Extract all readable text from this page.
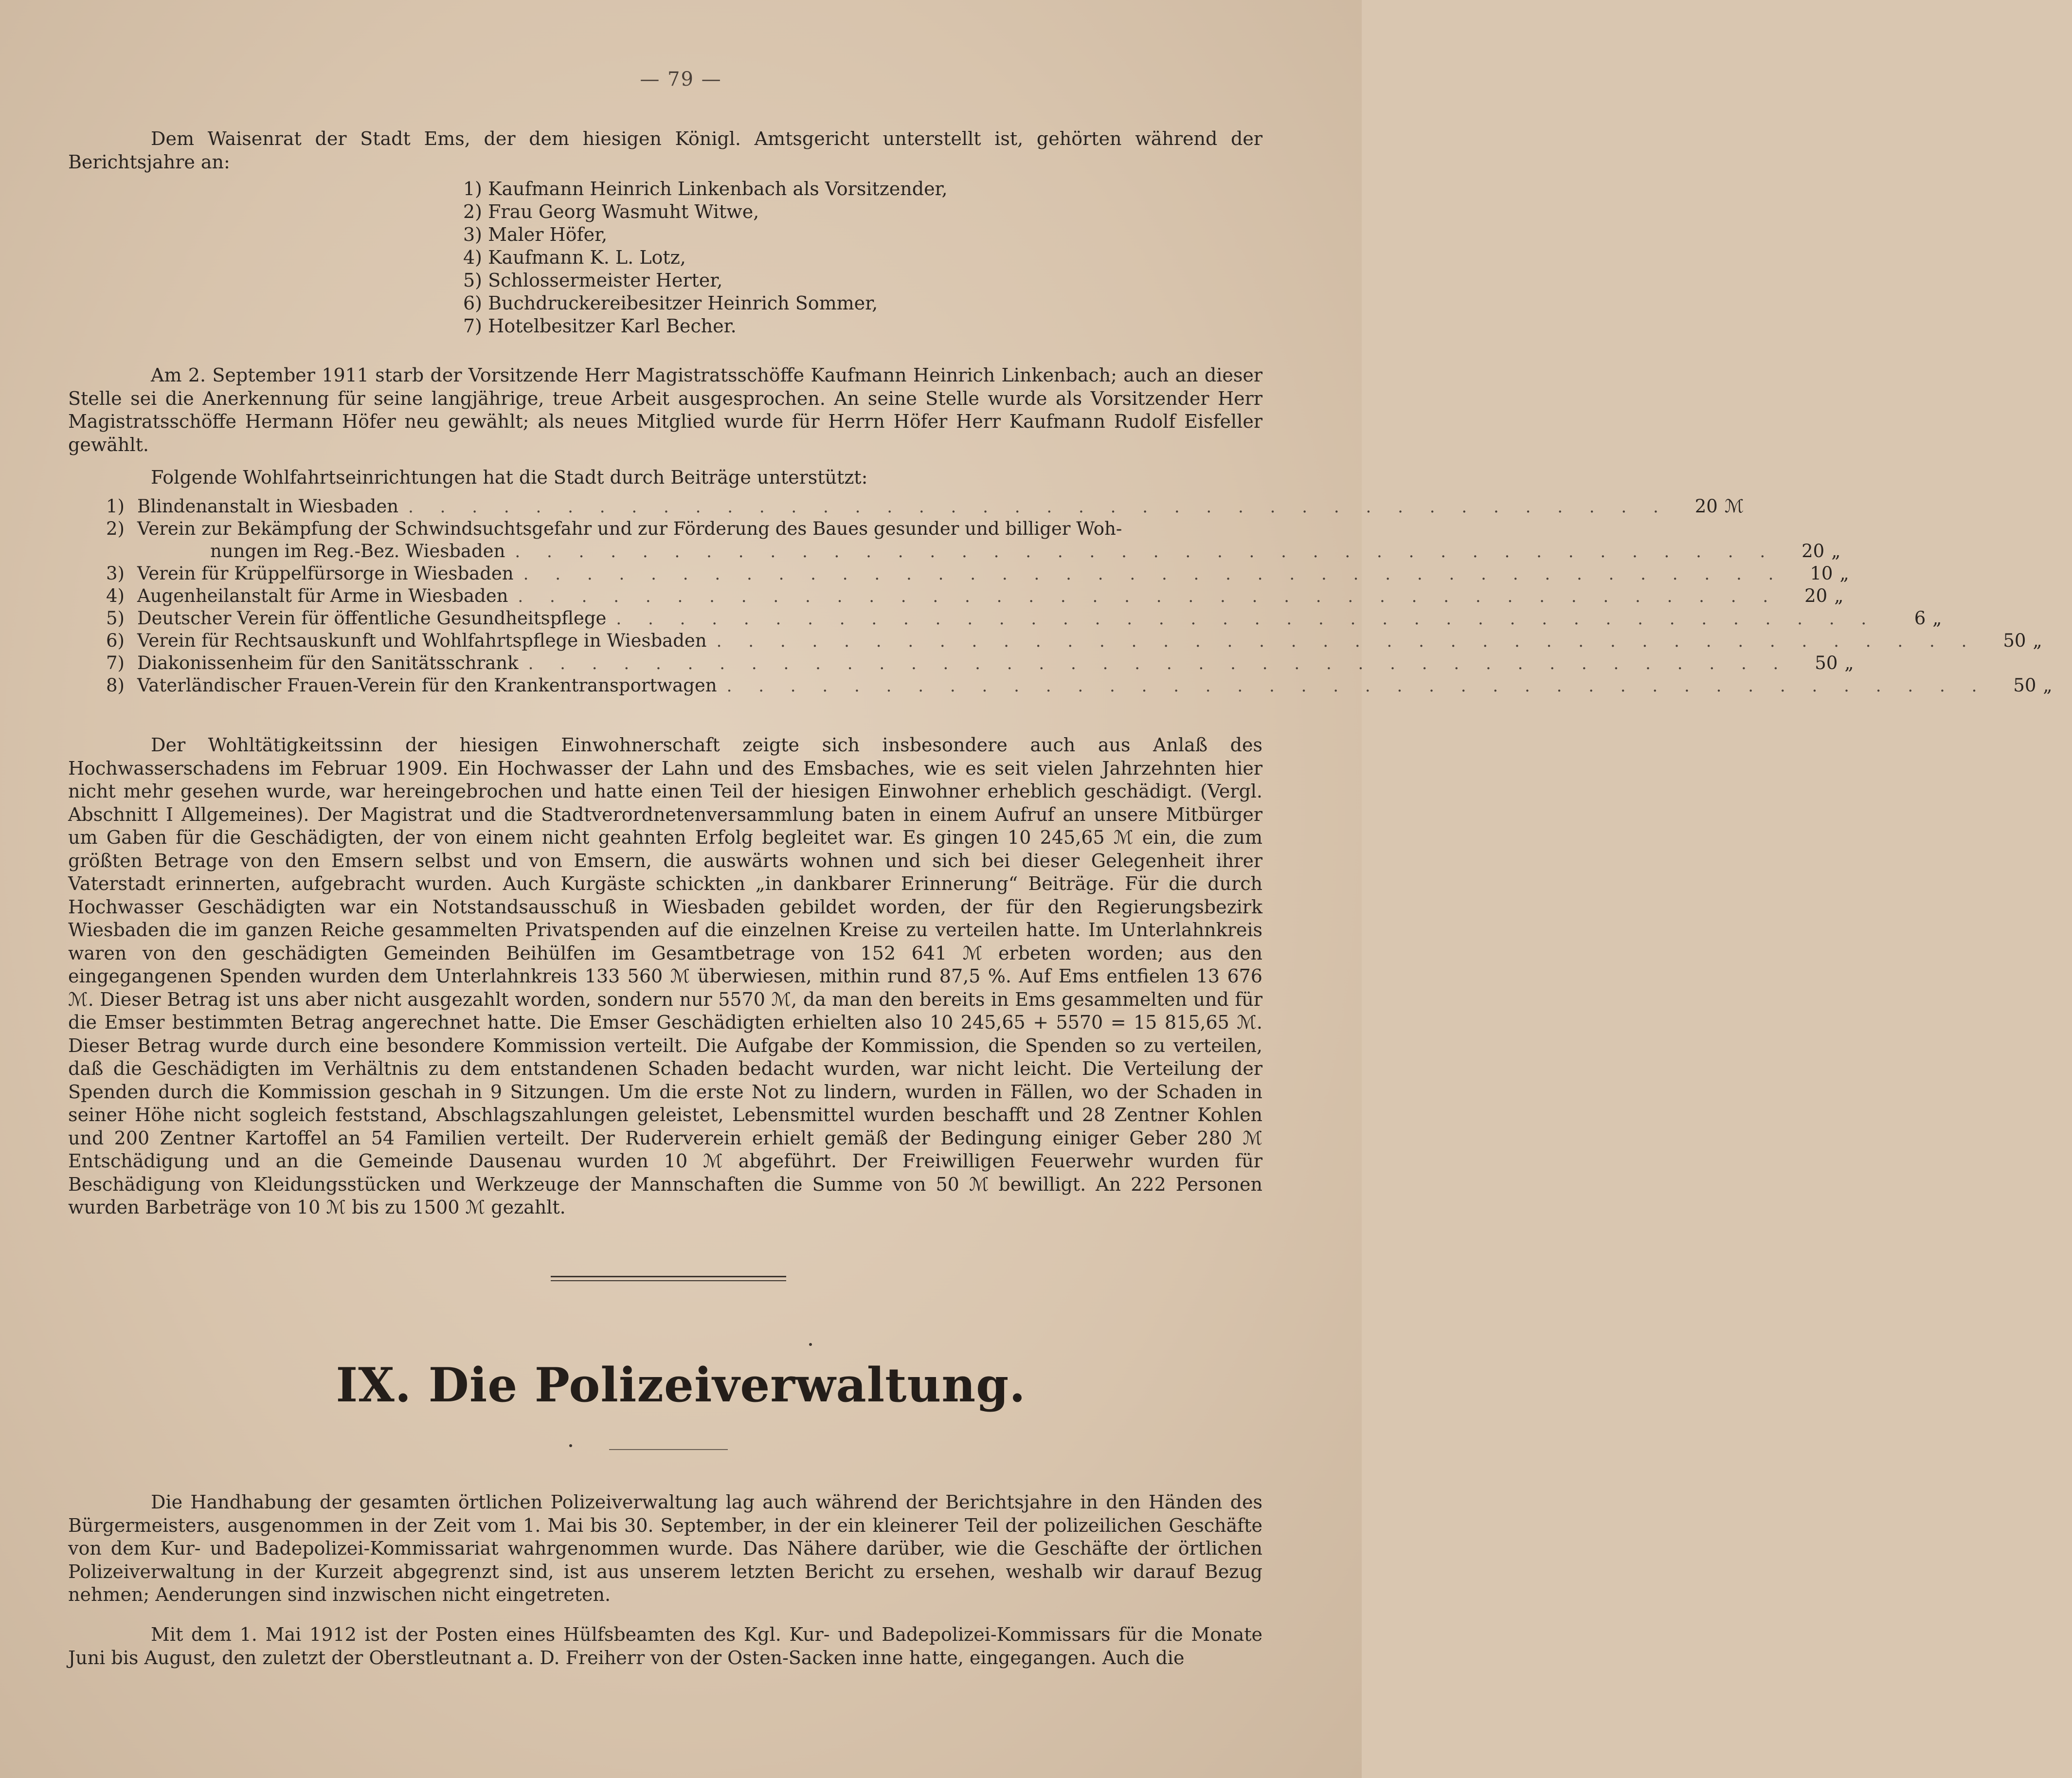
— 79 —

Dem Waisenrat der Stadt Ems, der dem hiesigen Königl. Amtsgericht unterstellt ist, gehörten während der Berichtsjahre an:

1) Kaufmann Heinrich Linkenbach als Vorsitzender,
2) Frau Georg Wasmuht Witwe,
3) Maler Höfer,
4) Kaufmann K. L. Lotz,
5) Schlossermeister Herter,
6) Buchdruckereibesitzer Heinrich Sommer,
7) Hotelbesitzer Karl Becher.

Am 2. September 1911 starb der Vorsitzende Herr Magistratsschöffe Kaufmann Heinrich Linkenbach; auch an dieser Stelle sei die Anerkennung für seine langjährige, treue Arbeit ausgesprochen. An seine Stelle wurde als Vorsitzender Herr Magistratsschöffe Hermann Höfer neu gewählt; als neues Mitglied wurde für Herrn Höfer Herr Kaufmann Rudolf Eisfeller gewählt.

Folgende Wohlfahrtseinrichtungen hat die Stadt durch Beiträge unterstützt:

1) Blindenanstalt in Wiesbaden . . . . . . . . . . . . . . . . . . . . . . . . . . . . . . . . . . . . . . . .	20 ℳ
2) Verein zur Bekämpfung der Schwindsuchtsgefahr und zur Förderung des Baues gesunder und billiger Woh-
nungen im Reg.-Bez. Wiesbaden . . . . . . . . . . . . . . . . . . . . . . . . . . . . . . . . . . . . . . . .	20 „
3) Verein für Krüppelfürsorge in Wiesbaden . . . . . . . . . . . . . . . . . . . . . . . . . . . . . . . . . . . . . . . .	10 „
4) Augenheilanstalt für Arme in Wiesbaden . . . . . . . . . . . . . . . . . . . . . . . . . . . . . . . . . . . . . . . .	20 „
5) Deutscher Verein für öffentliche Gesundheitspflege . . . . . . . . . . . . . . . . . . . . . . . . . . . . . . . . . . . . . . . .	6 „
6) Verein für Rechtsauskunft und Wohlfahrtspflege in Wiesbaden . . . . . . . . . . . . . . . . . . . . . . . . . . . . . . . . . . . . . . . .	50 „
7) Diakonissenheim für den Sanitätsschrank . . . . . . . . . . . . . . . . . . . . . . . . . . . . . . . . . . . . . . . .	50 „
8) Vaterländischer Frauen-Verein für den Krankentransportwagen . . . . . . . . . . . . . . . . . . . . . . . . . . . . . . . . . . . . . . . .	50 „

Der Wohltätigkeitssinn der hiesigen Einwohnerschaft zeigte sich insbesondere auch aus Anlaß des Hochwasserschadens im Februar 1909. Ein Hochwasser der Lahn und des Emsbaches, wie es seit vielen Jahrzehnten hier nicht mehr gesehen wurde, war hereingebrochen und hatte einen Teil der hiesigen Einwohner erheblich geschädigt. (Vergl. Abschnitt I Allgemeines). Der Magistrat und die Stadtverordnetenversammlung baten in einem Aufruf an unsere Mitbürger um Gaben für die Geschädigten, der von einem nicht geahnten Erfolg begleitet war. Es gingen 10 245,65 ℳ ein, die zum größten Betrage von den Emsern selbst und von Emsern, die auswärts wohnen und sich bei dieser Gelegenheit ihrer Vaterstadt erinnerten, aufgebracht wurden. Auch Kurgäste schickten „in dankbarer Erinnerung“ Beiträge. Für die durch Hochwasser Geschädigten war ein Notstandsausschuß in Wiesbaden gebildet worden, der für den Regierungsbezirk Wiesbaden die im ganzen Reiche gesammelten Privatspenden auf die einzelnen Kreise zu verteilen hatte. Im Unterlahnkreis waren von den geschädigten Gemeinden Beihülfen im Gesamtbetrage von 152 641 ℳ erbeten worden; aus den eingegangenen Spenden wurden dem Unterlahnkreis 133 560 ℳ überwiesen, mithin rund 87,5 %. Auf Ems entfielen 13 676 ℳ. Dieser Betrag ist uns aber nicht ausgezahlt worden, sondern nur 5570 ℳ, da man den bereits in Ems gesammelten und für die Emser bestimmten Betrag angerechnet hatte. Die Emser Geschädigten erhielten also 10 245,65 + 5570 = 15 815,65 ℳ. Dieser Betrag wurde durch eine besondere Kommission verteilt. Die Aufgabe der Kommission, die Spenden so zu verteilen, daß die Geschädigten im Verhältnis zu dem entstandenen Schaden bedacht wurden, war nicht leicht. Die Verteilung der Spenden durch die Kommission geschah in 9 Sitzungen. Um die erste Not zu lindern, wurden in Fällen, wo der Schaden in seiner Höhe nicht sogleich feststand, Abschlagszahlungen geleistet, Lebensmittel wurden beschafft und 28 Zentner Kohlen und 200 Zentner Kartoffel an 54 Familien verteilt. Der Ruderverein erhielt gemäß der Bedingung einiger Geber 280 ℳ Entschädigung und an die Gemeinde Dausenau wurden 10 ℳ abgeführt. Der Freiwilligen Feuerwehr wurden für Beschädigung von Kleidungsstücken und Werkzeuge der Mannschaften die Summe von 50 ℳ bewilligt. An 222 Personen wurden Barbeträge von 10 ℳ bis zu 1500 ℳ gezahlt.

IX. Die Polizeiverwaltung.

Die Handhabung der gesamten örtlichen Polizeiverwaltung lag auch während der Berichtsjahre in den Händen des Bürgermeisters, ausgenommen in der Zeit vom 1. Mai bis 30. September, in der ein kleinerer Teil der polizeilichen Geschäfte von dem Kur- und Badepolizei-Kommissariat wahrgenommen wurde. Das Nähere darüber, wie die Geschäfte der örtlichen Polizeiverwaltung in der Kurzeit abgegrenzt sind, ist aus unserem letzten Bericht zu ersehen, weshalb wir darauf Bezug nehmen; Aenderungen sind inzwischen nicht eingetreten.

Mit dem 1. Mai 1912 ist der Posten eines Hülfsbeamten des Kgl. Kur- und Badepolizei-Kommissars für die Monate Juni bis August, den zuletzt der Oberstleutnant a. D. Freiherr von der Osten-Sacken inne hatte, eingegangen. Auch die
